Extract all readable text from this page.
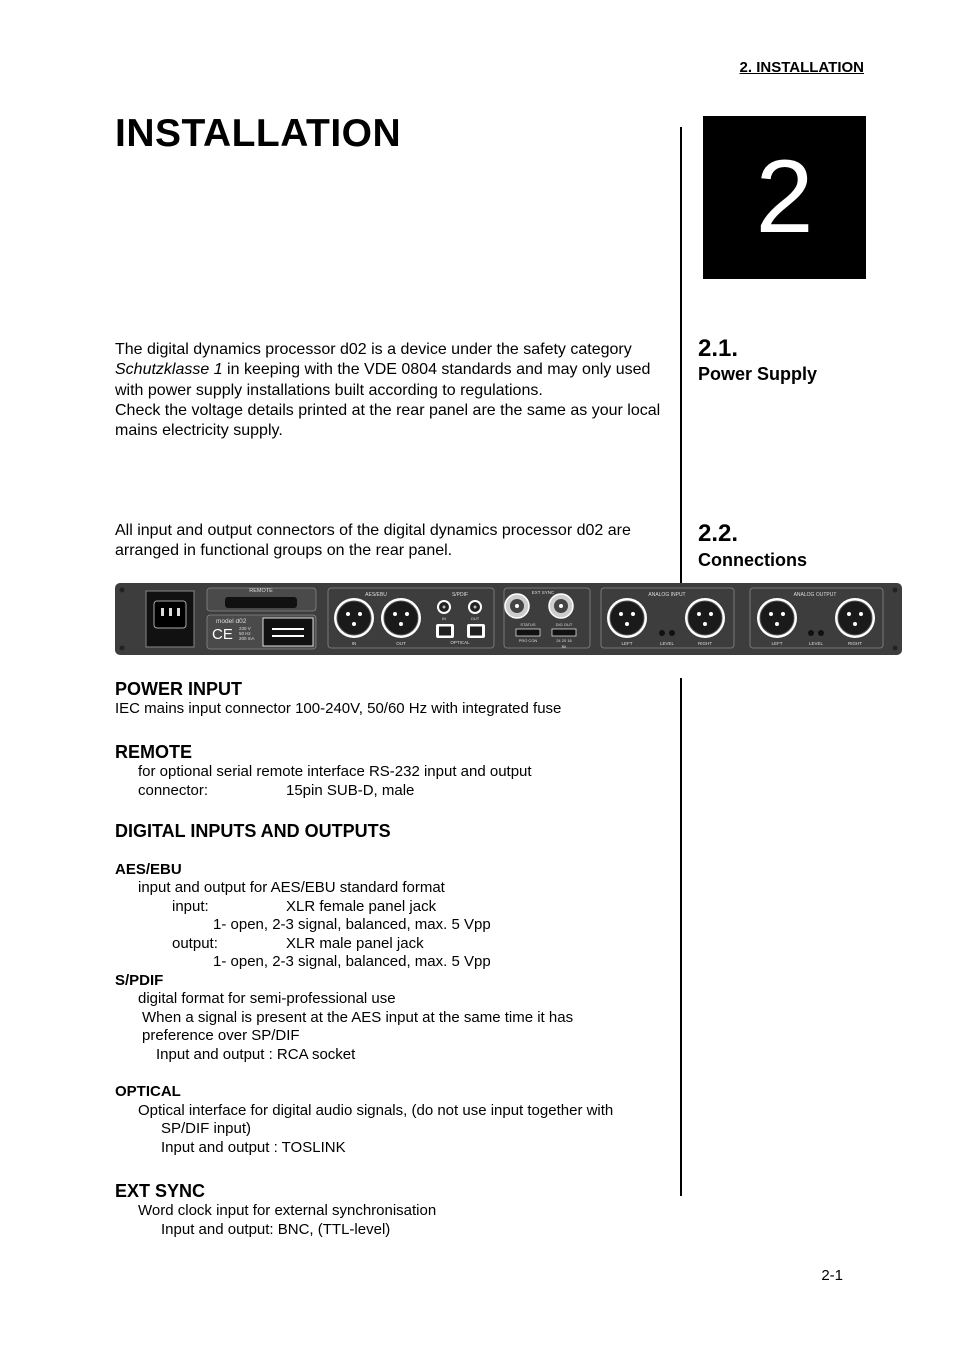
2. INSTALLATION
INSTALLATION
2
2.1.
Power Supply

The digital dynamics processor d02 is a device under the safety category Schutzklasse 1 in keeping with the VDE 0804 standards and may only used with power supply installations built according to regulations.

Check the voltage details printed at the rear panel are the same as your local mains electricity supply.

2.2.
Connections
All input and output connectors of the digital dynamics processor d02 are arranged in functional groups on the rear panel.
REMOTE
model d02
CE 230 V
50 Hz
200 mA
AES/EBU
IN	OUT
S/PDIF
IN	OUT
OPTICAL
EXT SYNC
STATUS
PRO CON
DIG OUT
24 20 16
Bit
ANALOG INPUT
LEFT	LEVEL	RIGHT
ANALOG OUTPUT
LEFT	LEVEL	RIGHT
POWER INPUT
IEC mains input connector 100-240V, 50/60 Hz with integrated fuse
REMOTE
for optional serial remote interface RS-232 input and output
connector:	15pin SUB-D, male
DIGITAL INPUTS AND OUTPUTS
AES/EBU
input and output for AES/EBU standard format
input:	XLR female panel jack
1- open, 2-3 signal, balanced, max. 5 Vpp
output:	XLR male panel jack
1- open, 2-3 signal, balanced, max. 5 Vpp
S/PDIF
digital format for semi-professional use
When a signal is present at the AES input at the same time it has
preference over SP/DIF
Input and output : RCA socket
OPTICAL
Optical interface for digital audio signals, (do not use input together with
SP/DIF input)
Input and output : TOSLINK
EXT SYNC
Word clock input for external synchronisation
Input and output: BNC, (TTL-level)
2-1
